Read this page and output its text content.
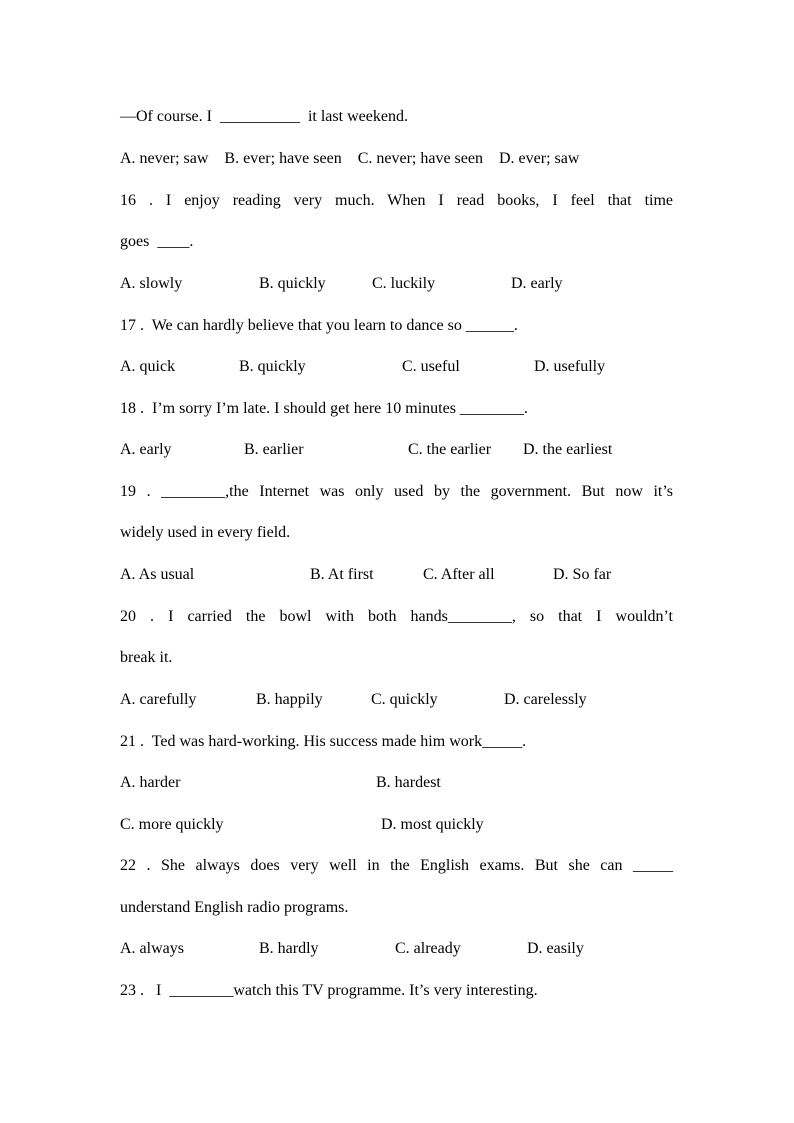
—Of course. I  __________  it last weekend.
A. never; saw    B. ever; have seen    C. never; have seen    D. ever; saw
16 . I enjoy reading very much. When I read books, I feel that time
goes  ____.
A. slowly	B. quickly	C. luckily	D. early
17 .  We can hardly believe that you learn to dance so ______.
A. quick	B. quickly	C. useful	D. usefully
18 .  I’m sorry I’m late. I should get here 10 minutes ________.
A. early	B. earlier	C. the earlier D. the earliest
19 . ________,the Internet was only used by the government. But now it’s
widely used in every field.
A. As usual	B. At first	C. After all	D. So far
20 . I carried the bowl with both hands________, so that I wouldn’t
break it.
A. carefully	B. happily	C. quickly	D. carelessly
21 .  Ted was hard-working. His success made him work_____.
A. harder	B. hardest
C. more quickly	D. most quickly
22 . She always does very well in the English exams. But she can _____
understand English radio programs.
A. always	B. hardly	C. already	D. easily
23 .   I  ________watch this TV programme. It’s very interesting.
